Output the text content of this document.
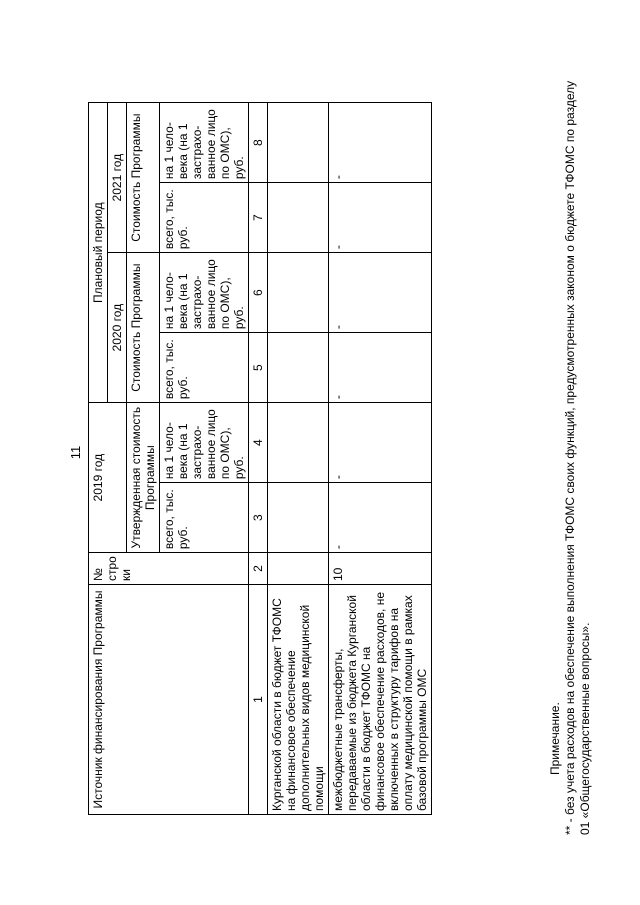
11
Источник финансирования Программы	№ стро ки	2019 год		Плановый период			
				2020 год		2021 год	
		Утвержденная стоимость Программы		Стоимость Программы		Стоимость Программы	
		всего, тыс. руб.	на 1 чело-века (на 1 застрахо-ванное лицо по ОМС), руб.	всего, тыс. руб.	на 1 чело-века (на 1 застрахо-ванное лицо по ОМС), руб.	всего, тыс. руб.	на 1 чело-века (на 1 застрахо-ванное лицо по ОМС), руб.
1	2	3	4	5	6	7	8
Курганской области в бюджет ТФОМС на финансовое обеспечение дополнительных видов медицинской помощи							
межбюджетные трансферты, передаваемые из бюджета Курганской области в бюджет ТФОМС на финансовое обеспечение расходов, не включенных в структуру тарифов на оплату медицинской помощи в рамках базовой программы ОМС	10	-	-	-	-	-	-
Примечание. ** - без учета расходов на обеспечение выполнения ТФОМС своих функций, предусмотренных законом о бюджете ТФОМС по разделу 01 «Общегосударственные вопросы».
